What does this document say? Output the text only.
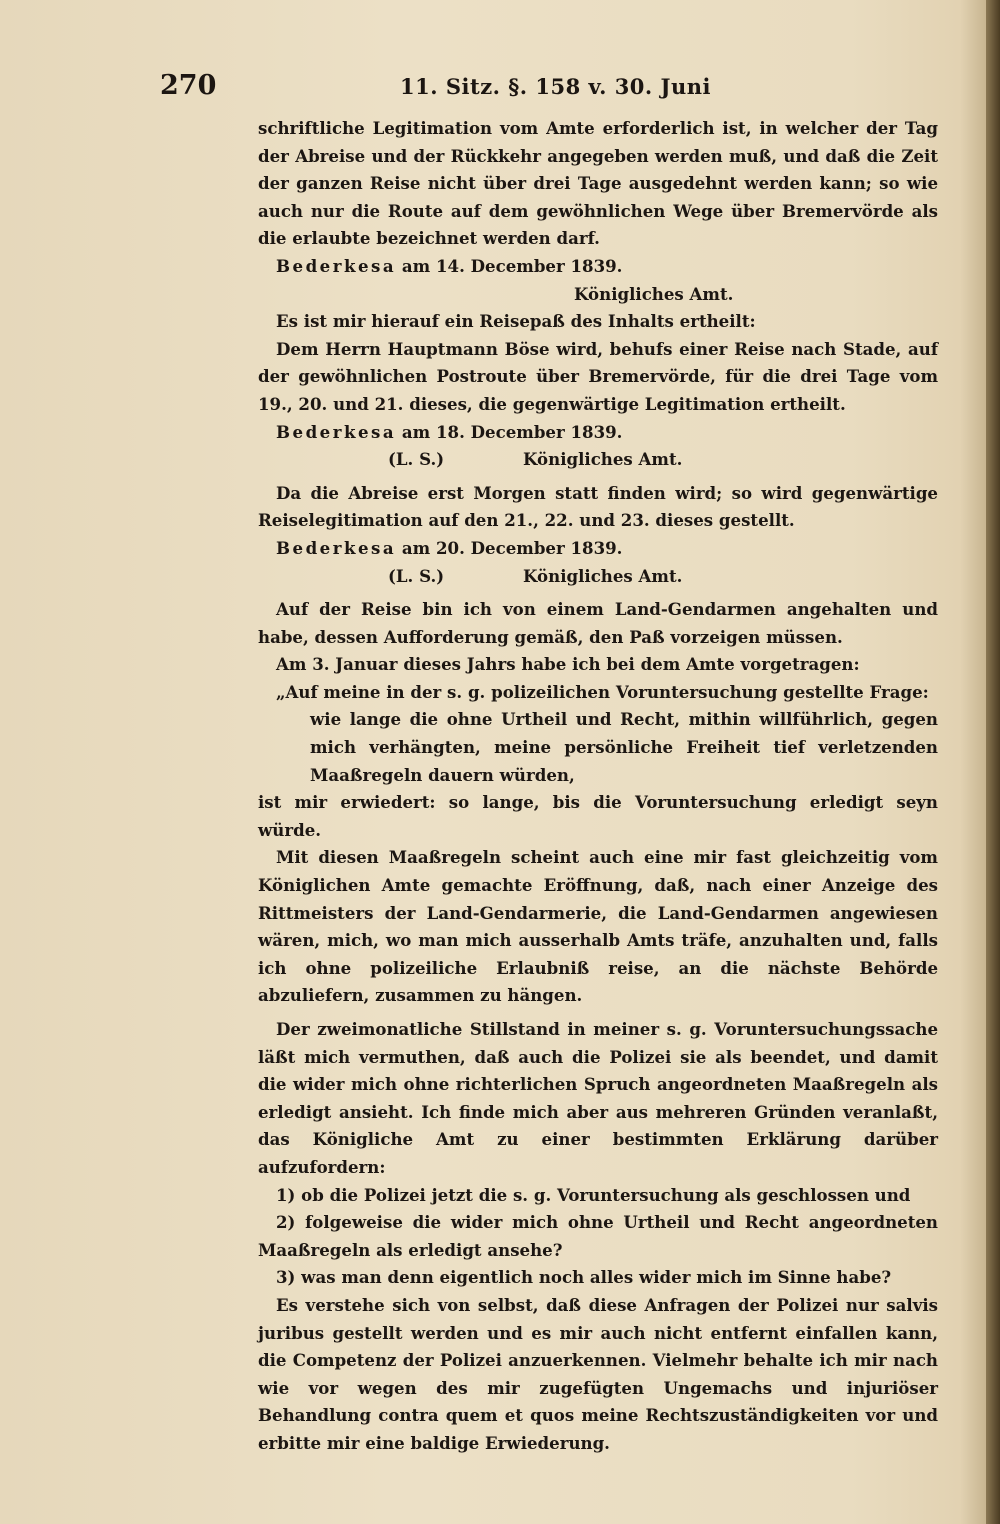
270	11. Sitz. §. 158 v. 30. Juni

schriftliche Legitimation vom Amte erforderlich ist, in welcher der Tag der Abreise und der Rückkehr angegeben werden muß, und daß die Zeit der ganzen Reise nicht über drei Tage ausgedehnt werden kann; so wie auch nur die Route auf dem gewöhnlichen Wege über Bremervörde als die erlaubte bezeichnet werden darf.

Bederkesa am 14. December 1839.

Königliches Amt.

Es ist mir hierauf ein Reisepaß des Inhalts ertheilt:

Dem Herrn Hauptmann Böse wird, behufs einer Reise nach Stade, auf der gewöhnlichen Postroute über Bremervörde, für die drei Tage vom 19., 20. und 21. dieses, die gegenwärtige Legitimation ertheilt.

Bederkesa am 18. December 1839.

(L. S.)	Königliches Amt.

Da die Abreise erst Morgen statt finden wird; so wird gegenwärtige Reiselegitimation auf den 21., 22. und 23. dieses gestellt.

Bederkesa am 20. December 1839.

(L. S.)	Königliches Amt.

Auf der Reise bin ich von einem Land-Gendarmen angehalten und habe, dessen Aufforderung gemäß, den Paß vorzeigen müssen.

Am 3. Januar dieses Jahrs habe ich bei dem Amte vorgetragen:

„Auf meine in der s. g. polizeilichen Voruntersuchung gestellte Frage:

wie lange die ohne Urtheil und Recht, mithin willführlich, gegen mich verhängten, meine persönliche Freiheit tief verletzenden Maaßregeln dauern würden,

ist mir erwiedert: so lange, bis die Voruntersuchung erledigt seyn würde.

Mit diesen Maaßregeln scheint auch eine mir fast gleichzeitig vom Königlichen Amte gemachte Eröffnung, daß, nach einer Anzeige des Rittmeisters der Land-Gendarmerie, die Land-Gendarmen angewiesen wären, mich, wo man mich ausserhalb Amts träfe, anzuhalten und, falls ich ohne polizeiliche Erlaubniß reise, an die nächste Behörde abzuliefern, zusammen zu hängen.

Der zweimonatliche Stillstand in meiner s. g. Voruntersuchungssache läßt mich vermuthen, daß auch die Polizei sie als beendet, und damit die wider mich ohne richterlichen Spruch angeordneten Maaßregeln als erledigt ansieht. Ich finde mich aber aus mehreren Gründen veranlaßt, das Königliche Amt zu einer bestimmten Erklärung darüber aufzufordern:

1) ob die Polizei jetzt die s. g. Voruntersuchung als geschlossen und

2) folgeweise die wider mich ohne Urtheil und Recht angeordneten Maaßregeln als erledigt ansehe?

3) was man denn eigentlich noch alles wider mich im Sinne habe?

Es verstehe sich von selbst, daß diese Anfragen der Polizei nur salvis juribus gestellt werden und es mir auch nicht entfernt einfallen kann, die Competenz der Polizei anzuerkennen. Vielmehr behalte ich mir nach wie vor wegen des mir zugefügten Ungemachs und injuriöser Behandlung contra quem et quos meine Rechtszuständigkeiten vor und erbitte mir eine baldige Erwiederung.
